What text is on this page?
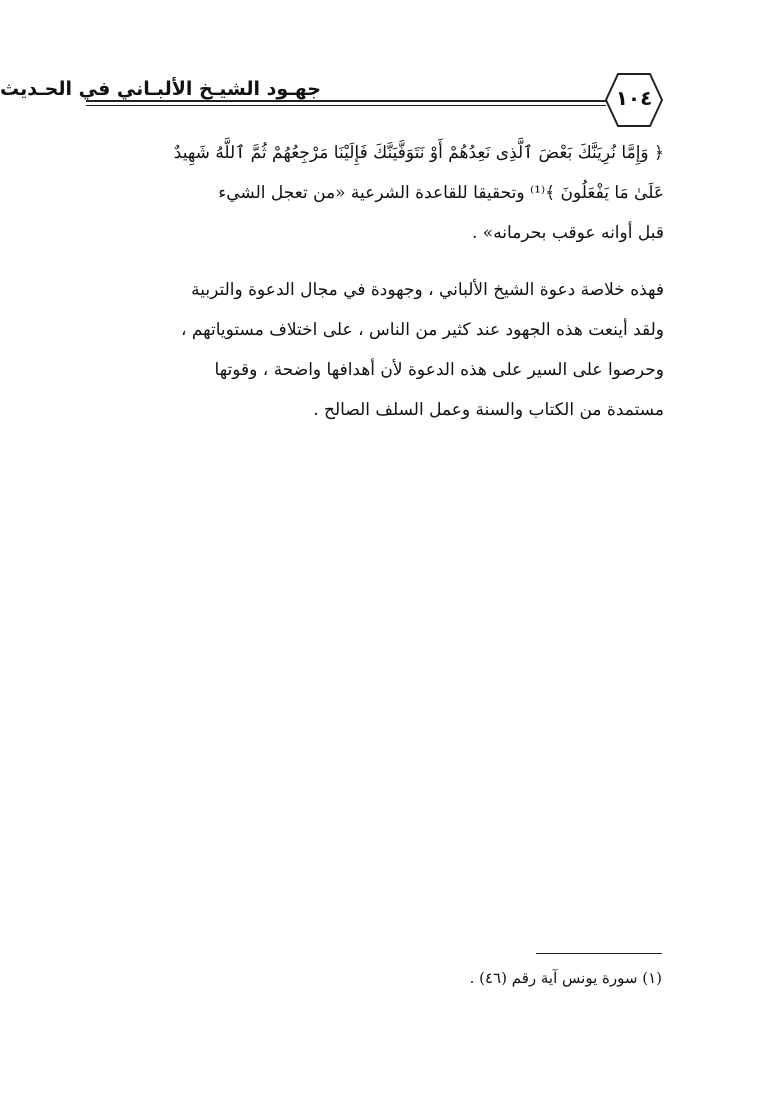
جهـود الشيـخ الألبـاني في الحـديث	١٠٤
﴿ وَإِمَّا نُرِيَنَّكَ بَعْضَ ٱلَّذِى نَعِدُهُمْ أَوْ نَتَوَفَّيَنَّكَ فَإِلَيْنَا مَرْجِعُهُمْ ثُمَّ ٱللَّهُ شَهِيدٌ
عَلَىٰ مَا يَفْعَلُونَ ﴾⁽¹⁾ وتحقيقا للقاعدة الشرعية «من تعجل الشيء
قبل أوانه عوقب بحرمانه» .
فهذه خلاصة دعوة الشيخ الألباني ، وجهودة في مجال الدعوة والتربية
ولقد أينعت هذه الجهود عند كثير من الناس ، على اختلاف مستوياتهم ،
وحرصوا على السير على هذه الدعوة لأن أهدافها واضحة ، وقوتها
مستمدة من الكتاب والسنة وعمل السلف الصالح .
(١) سورة يونس آية رقم (٤٦) .
